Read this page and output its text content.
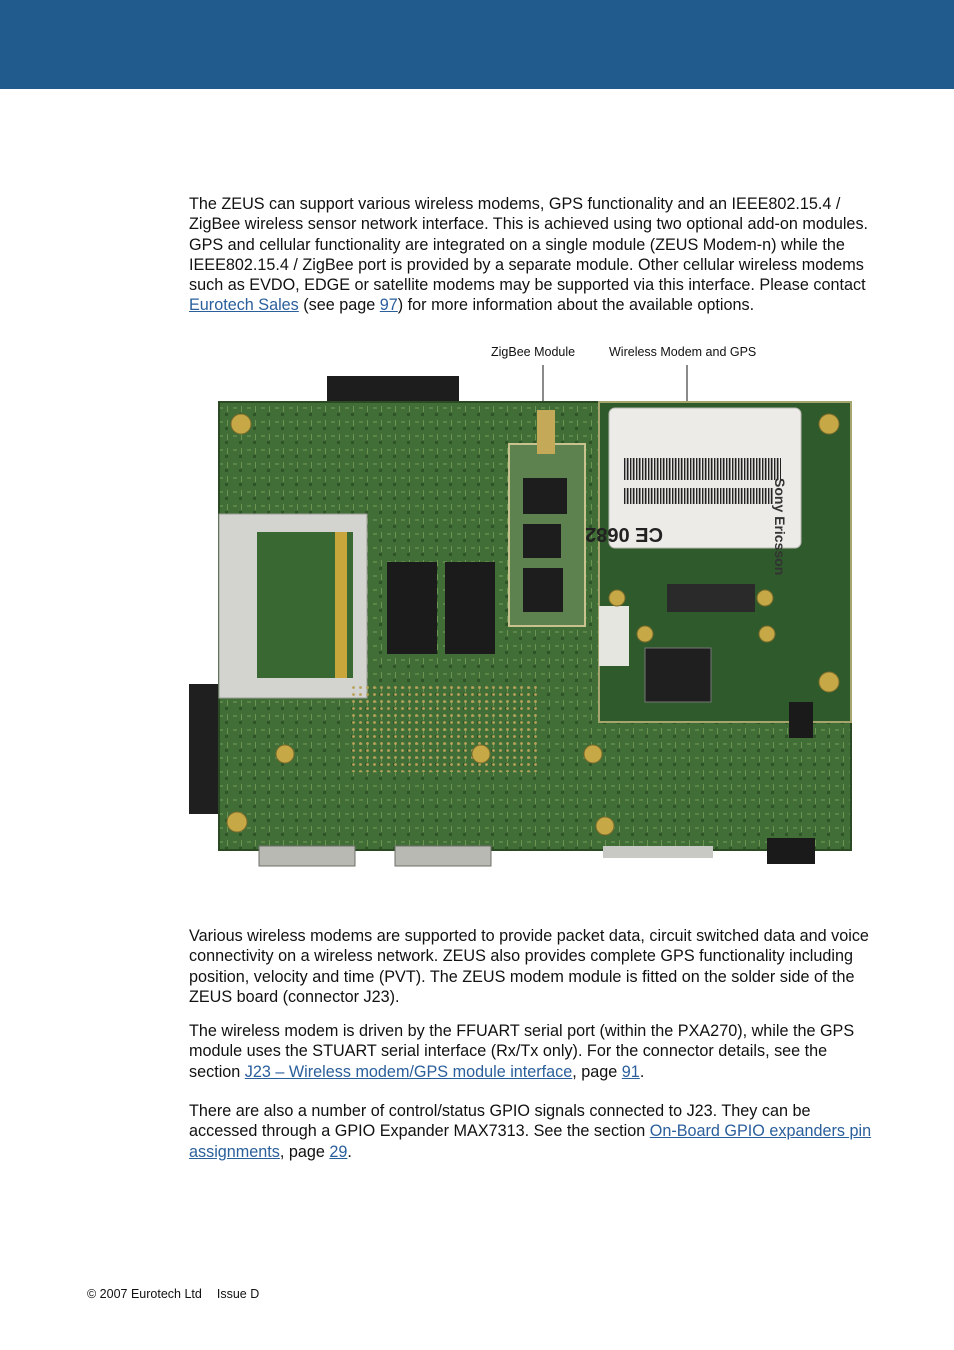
The ZEUS can support various wireless modems, GPS functionality and an IEEE802.15.4 / ZigBee wireless sensor network interface. This is achieved using two optional add-on modules. GPS and cellular functionality are integrated on a single module (ZEUS Modem-n) while the IEEE802.15.4 / ZigBee port is provided by a separate module. Other cellular wireless modems such as EVDO, EDGE or satellite modems may be supported via this interface. Please contact Eurotech Sales (see page 97) for more information about the available options.

ZigBee Module	Wireless Modem and GPS
Sony Ericsson
CE 0682

Various wireless modems are supported to provide packet data, circuit switched data and voice connectivity on a wireless network. ZEUS also provides complete GPS functionality including position, velocity and time (PVT). The ZEUS modem module is fitted on the solder side of the ZEUS board (connector J23).

The wireless modem is driven by the FFUART serial port (within the PXA270), while the GPS module uses the STUART serial interface (Rx/Tx only). For the connector details, see the section J23 – Wireless modem/GPS module interface, page 91.

There are also a number of control/status GPIO signals connected to J23. They can be accessed through a GPIO Expander MAX7313. See the section On-Board GPIO expanders pin assignments, page 29.

© 2007 Eurotech Ltd Issue D
